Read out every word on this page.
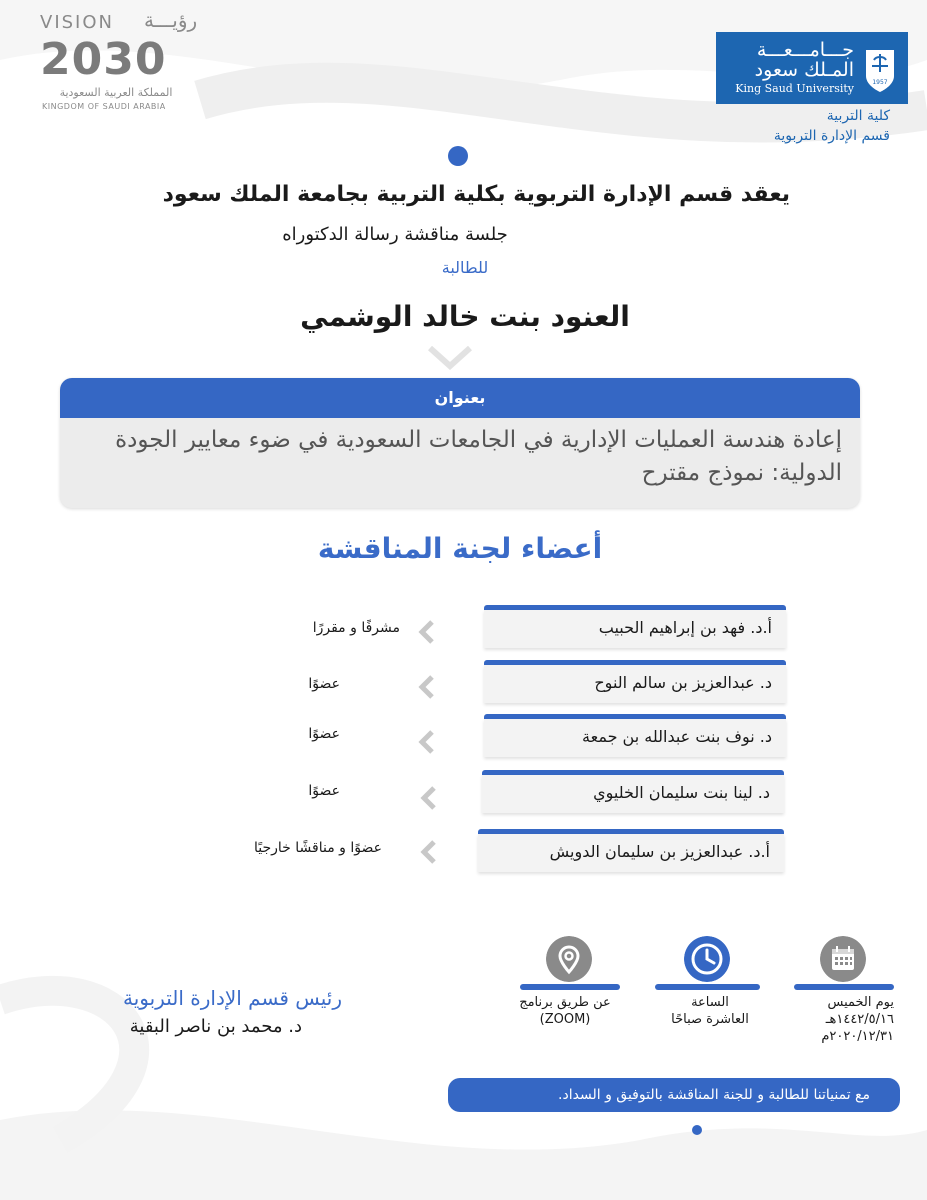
VISION رؤيـــة
2030
المملكة العربية السعودية
KINGDOM OF SAUDI ARABIA
جـــامـــعـــة
المـلك سعود
King Saud University	1957
كلية التربية
قسم الإدارة التربوية
يعقد قسم الإدارة التربوية بكلية التربية بجامعة الملك سعود
جلسة مناقشة رسالة الدكتوراه
للطالبة
العنود بنت خالد الوشمي
بعنوان
إعادة هندسة العمليات الإدارية في الجامعات السعودية في ضوء معايير الجودة الدولية: نموذج مقترح
أعضاء لجنة المناقشة
أ.د. فهد بن إبراهيم الحبيب
مشرفًا و مقررًا
د. عبدالعزيز بن سالم النوح
عضوًا
د. نوف بنت عبدالله بن جمعة
عضوًا
د. لينا بنت سليمان الخليوي
عضوًا
أ.د. عبدالعزيز بن سليمان الدويش
عضوًا و مناقشًا خارجيًا
يوم الخميس
١٤٤٢/٥/١٦هـ
٢٠٢٠/١٢/٣١م
الساعة
العاشرة صباحًا
عن طريق برنامج
(ZOOM)
رئيس قسم الإدارة التربوية
د. محمد بن ناصر البقية
مع تمنياتنا للطالبة و للجنة المناقشة بالتوفيق و السداد.
